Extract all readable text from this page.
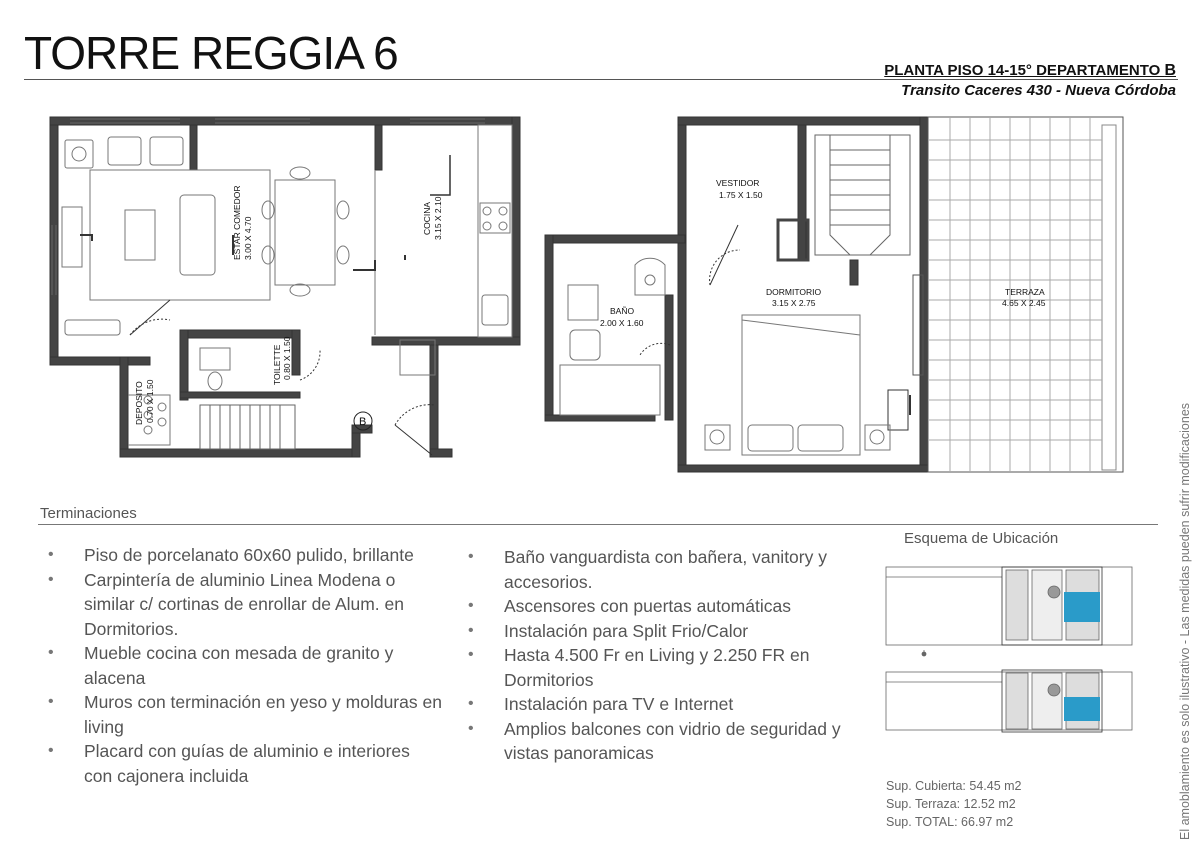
TORRE REGGIA 6	PLANTA PISO 14-15° DEPARTAMENTO B
Transito Caceres 430 - Nueva Córdoba
ESTAR COMEDOR 3.00 X 4.70	COCINA 3.15 X 2.10
DEPOSITO 0.70 X 1.50
TOILETTE 0.80 X 1.50
VESTIDOR
1.75 X 1.50
DORMITORIO
3.15 X 2.75
BAÑO
2.00 X 1.60
TERRAZA
4.65 X 2.45
B
Terminaciones
• Piso de porcelanato 60x60 pulido, brillante
• Carpintería de aluminio Linea Modena o similar c/ cortinas de enrollar de Alum. en Dormitorios.
• Mueble cocina con mesada de granito y alacena
• Muros con terminación en yeso y molduras en living
• Placard con guías de aluminio e interiores con cajonera incluida
• Baño vanguardista con bañera, vanitory y accesorios.
• Ascensores con puertas automáticas
• Instalación para Split Frio/Calor
• Hasta 4.500 Fr en Living y 2.250 FR en Dormitorios
• Instalación para TV e Internet
• Amplios balcones con vidrio de seguridad y vistas panoramicas
Esquema de Ubicación
Sup. Cubierta: 54.45 m2
Sup. Terraza: 12.52 m2
Sup. TOTAL: 66.97 m2	El amoblamiento es solo ilustrativo - Las medidas pueden sufrir modificaciones
